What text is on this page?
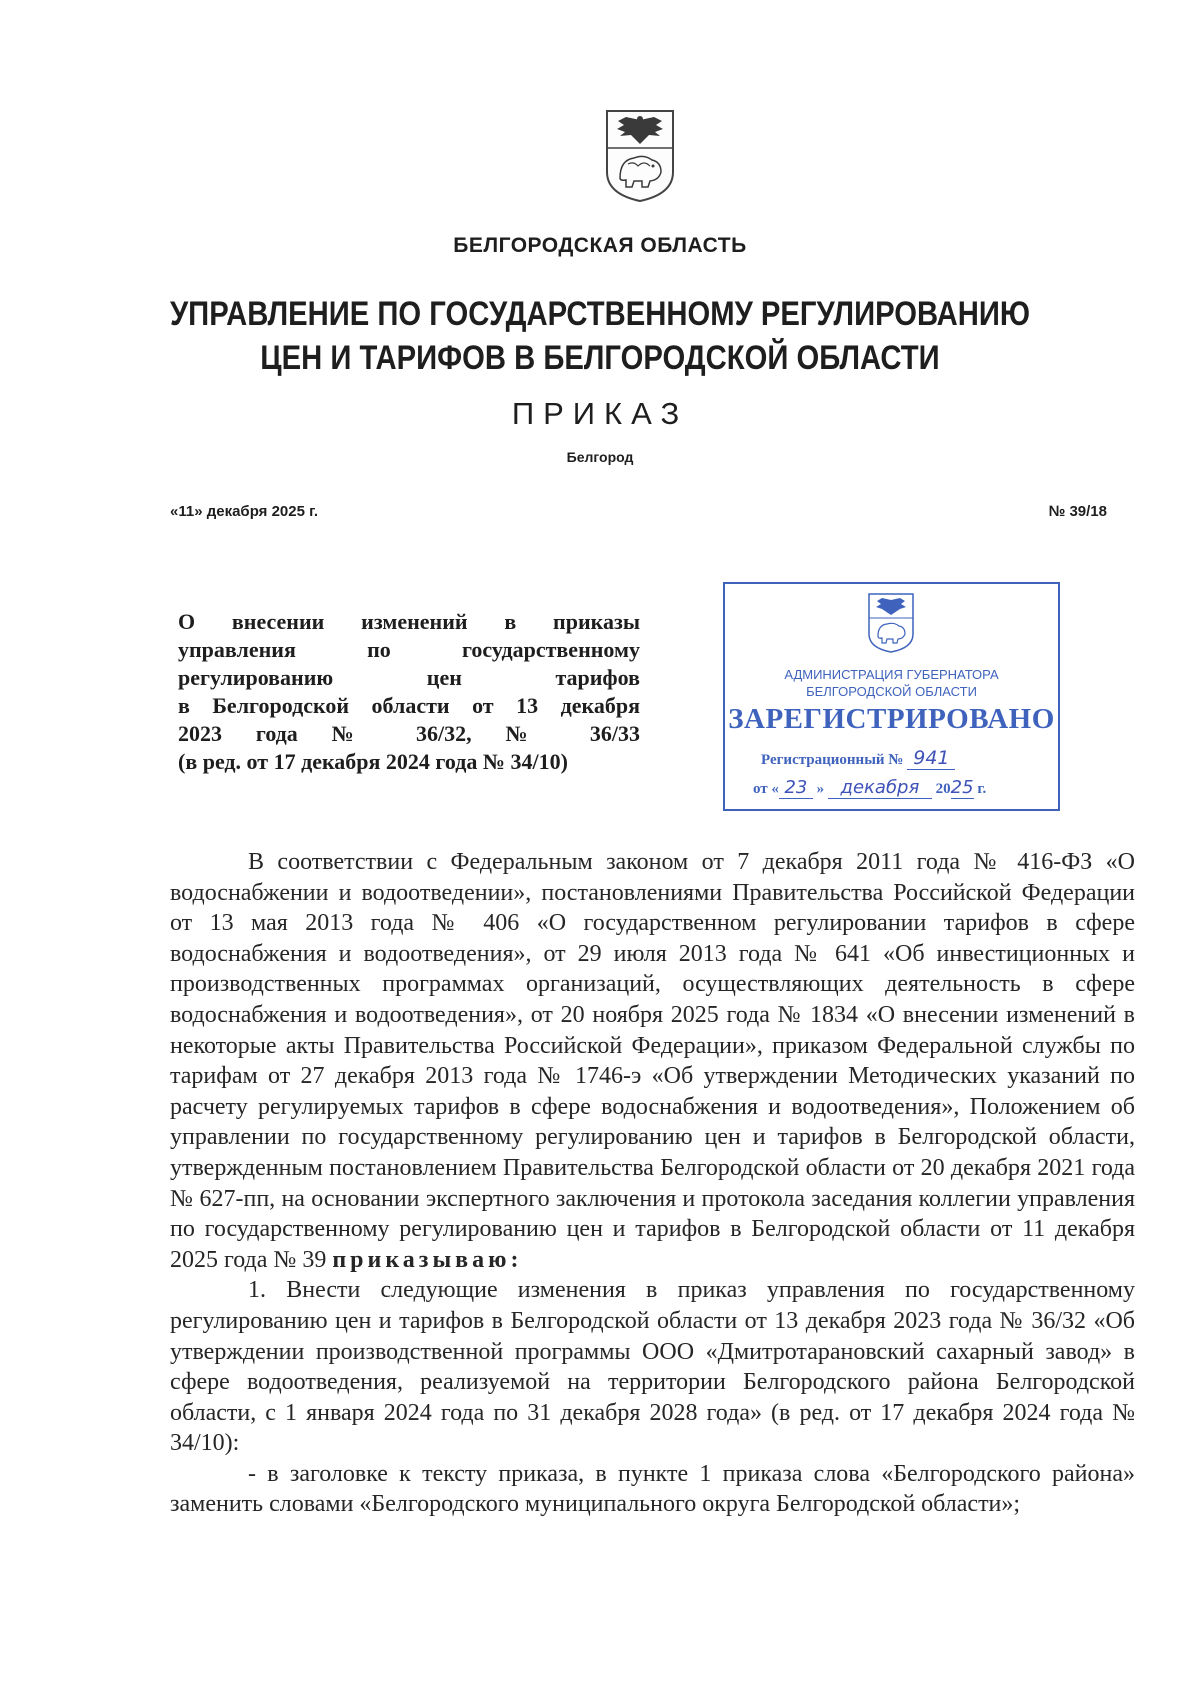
БЕЛГОРОДСКАЯ ОБЛАСТЬ
УПРАВЛЕНИЕ ПО ГОСУДАРСТВЕННОМУ РЕГУЛИРОВАНИЮ
ЦЕН И ТАРИФОВ В БЕЛГОРОДСКОЙ ОБЛАСТИ
ПРИКАЗ
Белгород
«11» декабря 2025 г.	№ 39/18
О внесении изменений в приказы
управления по государственному
регулированию цен тарифов
в Белгородской области от 13 декабря
2023 года № 36/32, № 36/33
(в ред. от 17 декабря 2024 года № 34/10)
АДМИНИСТРАЦИЯ ГУБЕРНАТОРА
БЕЛГОРОДСКОЙ ОБЛАСТИ
ЗАРЕГИСТРИРОВАНО
Регистрационный № 941
от « 23 » декабря 2025 г.

В соответствии с Федеральным законом от 7 декабря 2011 года № 416-ФЗ «О водоснабжении и водоотведении», постановлениями Правительства Российской Федерации от 13 мая 2013 года № 406 «О государственном регулировании тарифов в сфере водоснабжения и водоотведения», от 29 июля 2013 года № 641 «Об инвестиционных и производственных программах организаций, осуществляющих деятельность в сфере водоснабжения и водоотведения», от 20 ноября 2025 года № 1834 «О внесении изменений в некоторые акты Правительства Российской Федерации», приказом Федеральной службы по тарифам от 27 декабря 2013 года № 1746-э «Об утверждении Методических указаний по расчету регулируемых тарифов в сфере водоснабжения и водоотведения», Положением об управлении по государственному регулированию цен и тарифов в Белгородской области, утвержденным постановлением Правительства Белгородской области от 20 декабря 2021 года № 627-пп, на основании экспертного заключения и протокола заседания коллегии управления по государственному регулированию цен и тарифов в Белгородской области от 11 декабря 2025 года № 39 приказываю:

1. Внести следующие изменения в приказ управления по государственному регулированию цен и тарифов в Белгородской области от 13 декабря 2023 года № 36/32 «Об утверждении производственной программы ООО «Дмитротарановский сахарный завод» в сфере водоотведения, реализуемой на территории Белгородского района Белгородской области, с 1 января 2024 года по 31 декабря 2028 года» (в ред. от 17 декабря 2024 года № 34/10):

- в заголовке к тексту приказа, в пункте 1 приказа слова «Белгородского района» заменить словами «Белгородского муниципального округа Белгородской области»;
